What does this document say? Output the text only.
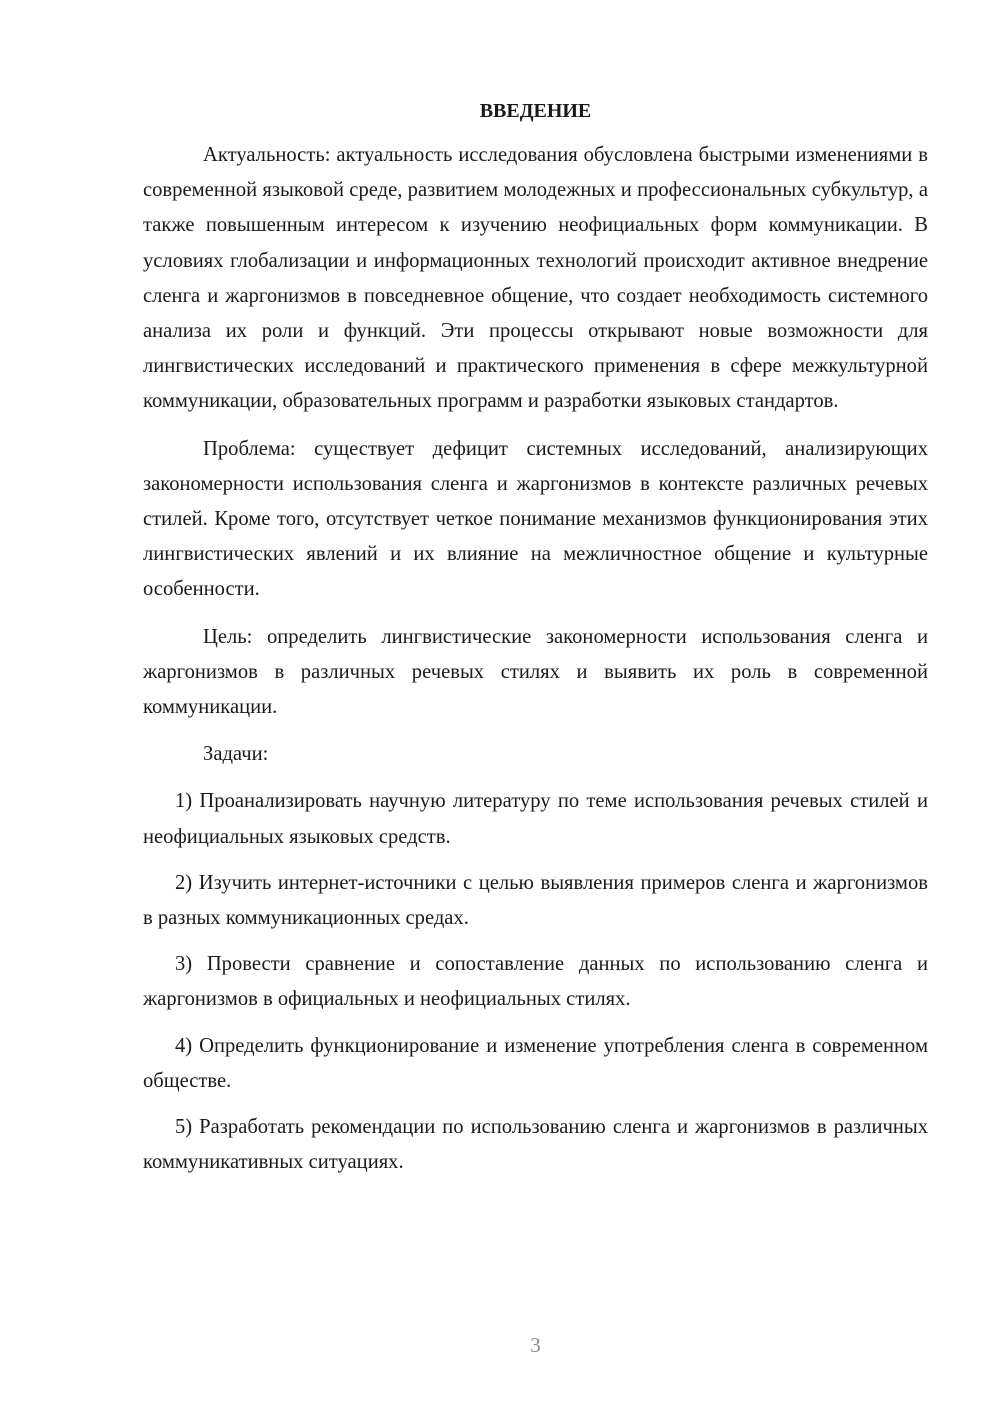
ВВЕДЕНИЕ

Актуальность: актуальность исследования обусловлена быстрыми изменениями в современной языковой среде, развитием молодежных и профессиональных субкультур, а также повышенным интересом к изучению неофициальных форм коммуникации. В условиях глобализации и информационных технологий происходит активное внедрение сленга и жаргонизмов в повседневное общение, что создает необходимость системного анализа их роли и функций. Эти процессы открывают новые возможности для лингвистических исследований и практического применения в сфере межкультурной коммуникации, образовательных программ и разработки языковых стандартов.

Проблема: существует дефицит системных исследований, анализирующих закономерности использования сленга и жаргонизмов в контексте различных речевых стилей. Кроме того, отсутствует четкое понимание механизмов функционирования этих лингвистических явлений и их влияние на межличностное общение и культурные особенности.

Цель: определить лингвистические закономерности использования сленга и жаргонизмов в различных речевых стилях и выявить их роль в современной коммуникации.

Задачи:

1) Проанализировать научную литературу по теме использования речевых стилей и неофициальных языковых средств.

2) Изучить интернет-источники с целью выявления примеров сленга и жаргонизмов в разных коммуникационных средах.

3) Провести сравнение и сопоставление данных по использованию сленга и жаргонизмов в официальных и неофициальных стилях.

4) Определить функционирование и изменение употребления сленга в современном обществе.

5) Разработать рекомендации по использованию сленга и жаргонизмов в различных коммуникативных ситуациях.

3
